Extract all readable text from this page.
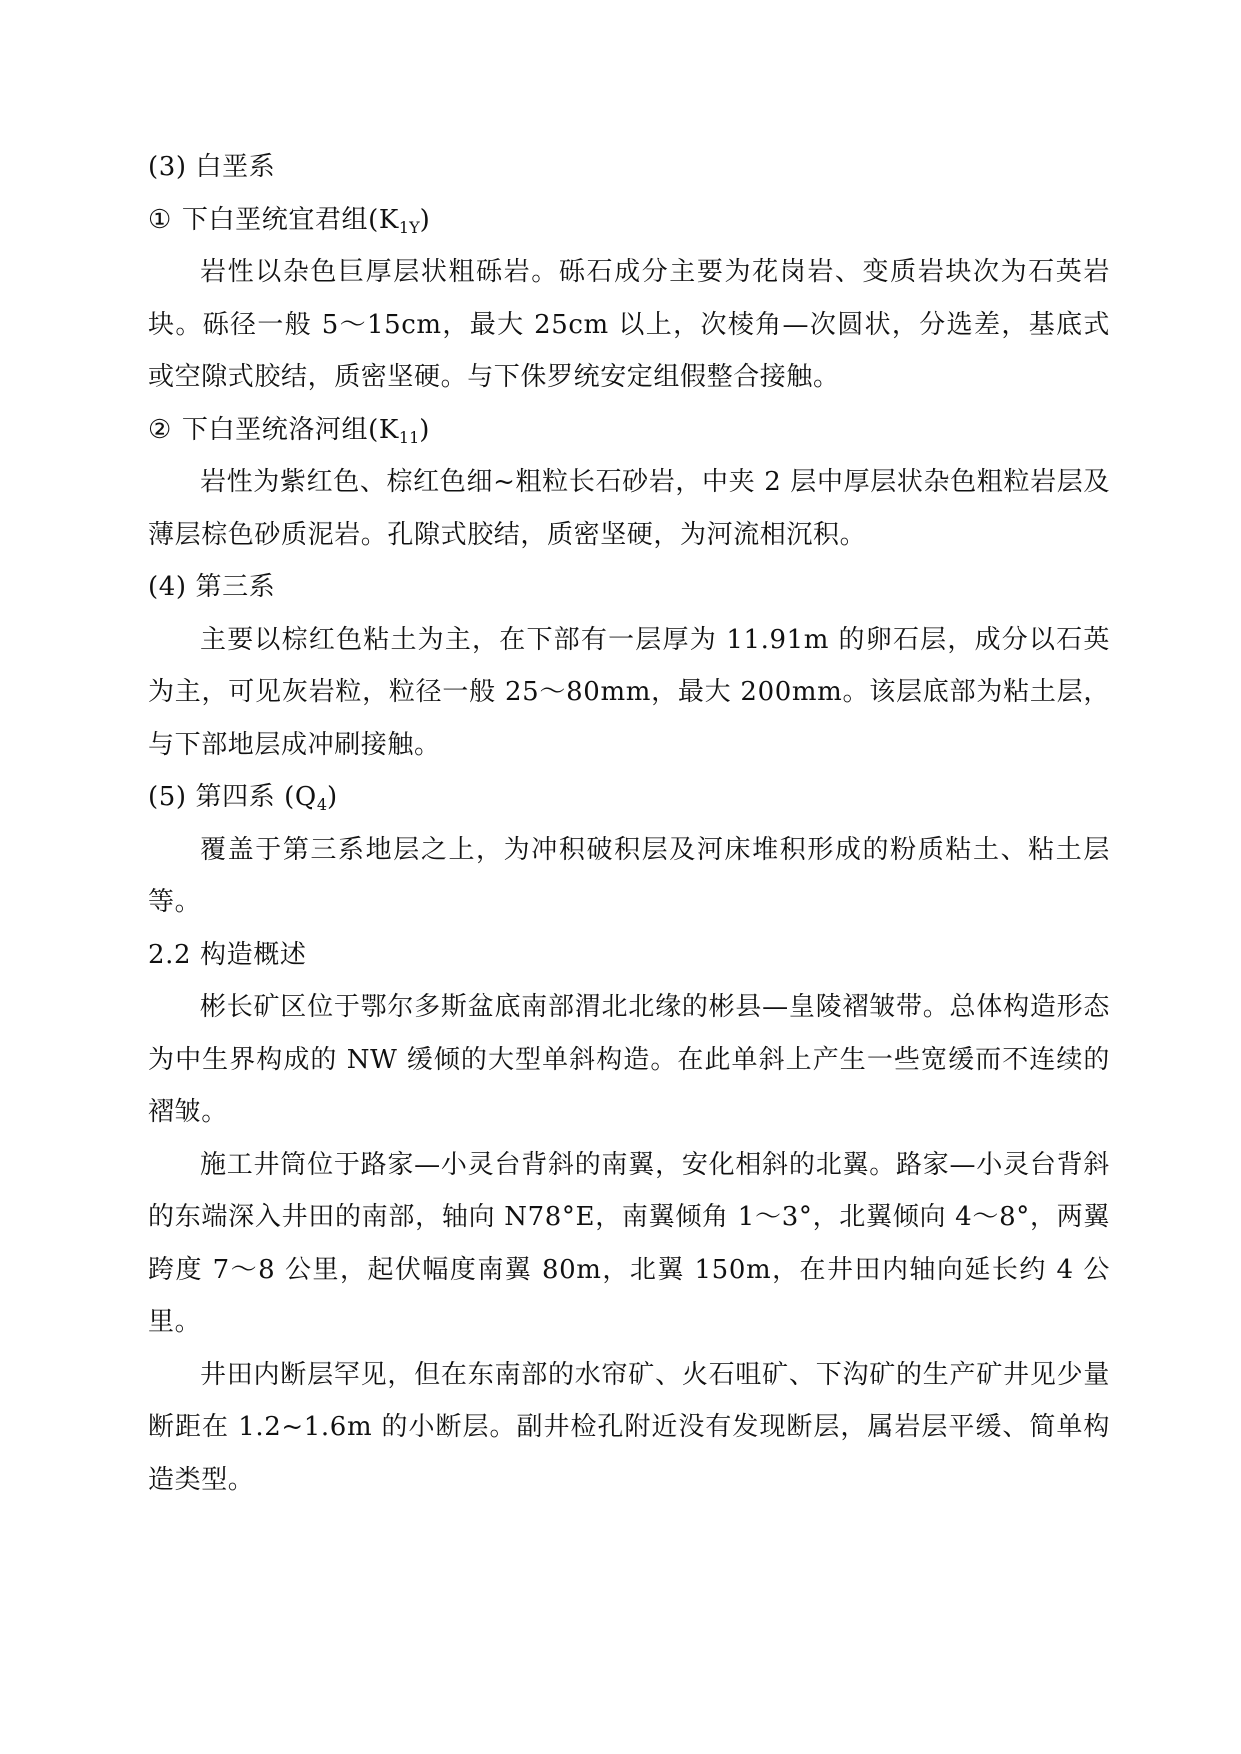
(3) 白垩系

① 下白垩统宜君组$(K_{1Y})$

岩性以杂色巨厚层状粗砾岩。砾石成分主要为花岗岩、变质岩块次为石英岩块。砾径一般 5～15cm，最大 25cm 以上，次棱角—次圆状，分选差，基底式或空隙式胶结，质密坚硬。与下侏罗统安定组假整合接触。

② 下白垩统洛河组$(K_{11})$

岩性为紫红色、棕红色细~粗粒长石砂岩，中夹 2 层中厚层状杂色粗粒岩层及薄层棕色砂质泥岩。孔隙式胶结，质密坚硬，为河流相沉积。

(4) 第三系

主要以棕红色粘土为主，在下部有一层厚为 11.91m 的卵石层，成分以石英为主，可见灰岩粒，粒径一般 25～80mm，最大 200mm。该层底部为粘土层，与下部地层成冲刷接触。

(5) 第四系 $(Q_4)$

覆盖于第三系地层之上，为冲积破积层及河床堆积形成的粉质粘土、粘土层等。

2.2 构造概述

彬长矿区位于鄂尔多斯盆底南部渭北北缘的彬县—皇陵褶皱带。总体构造形态为中生界构成的 NW 缓倾的大型单斜构造。在此单斜上产生一些宽缓而不连续的褶皱。

施工井筒位于路家—小灵台背斜的南翼，安化相斜的北翼。路家—小灵台背斜的东端深入井田的南部，轴向 N78°E，南翼倾角 1～3°，北翼倾向 4～8°，两翼跨度 7～8 公里，起伏幅度南翼 80m，北翼 150m，在井田内轴向延长约 4 公里。

井田内断层罕见，但在东南部的水帘矿、火石咀矿、下沟矿的生产矿井见少量断距在 1.2~1.6m 的小断层。副井检孔附近没有发现断层，属岩层平缓、简单构造类型。
